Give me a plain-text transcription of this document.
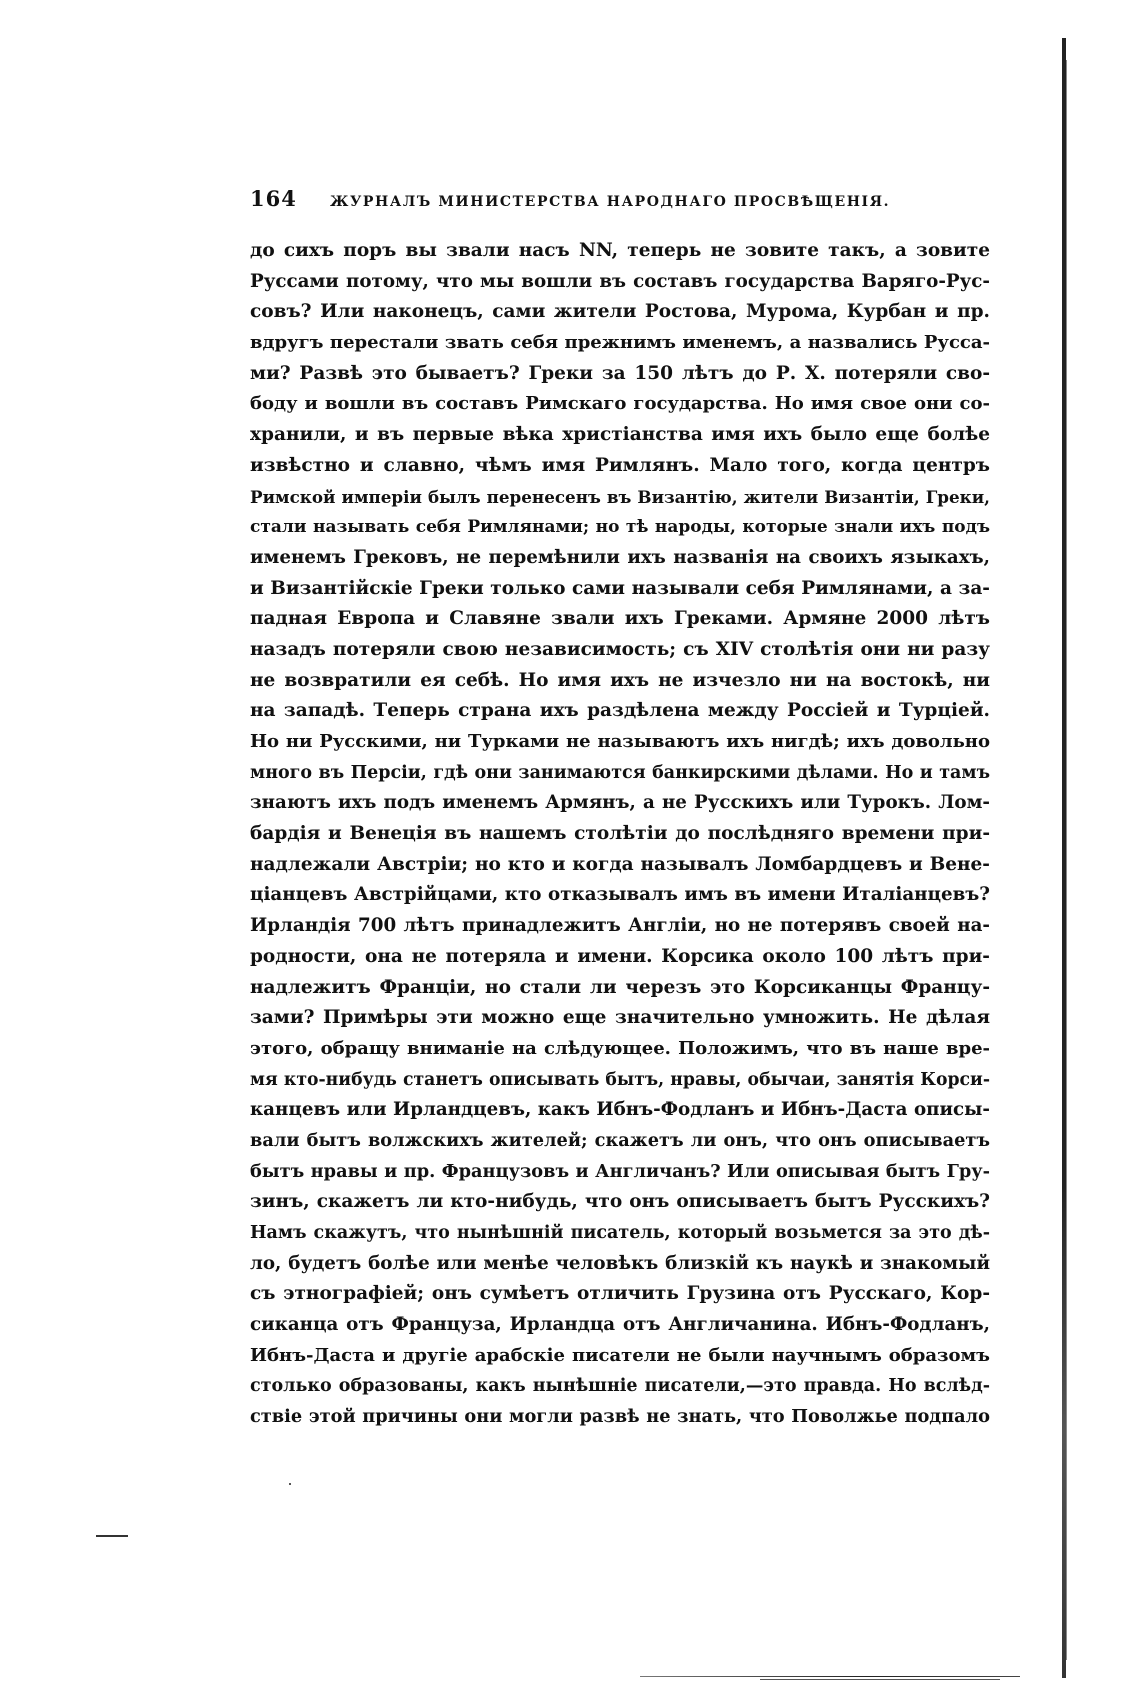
164	ЖУРНАЛЪ МИНИСТЕРСТВА НАРОДНАГО ПРОСВѢЩЕНІЯ.
до сихъ поръ вы звали насъ NN, теперь не зовите такъ, а зовите
Руссами потому, что мы вошли въ составъ государства Варяго-Рус-
совъ? Или наконецъ, сами жители Ростова, Мурома, Курбан и пр.
вдругъ перестали звать себя прежнимъ именемъ, а назвались Русса-
ми? Развѣ это бываетъ? Греки за 150 лѣтъ до Р. Х. потеряли сво-
боду и вошли въ составъ Римскаго государства. Но имя свое они со-
хранили, и въ первые вѣка христіанства имя ихъ было еще болѣе
извѣстно и славно, чѣмъ имя Римлянъ. Мало того, когда центръ
Римской имперіи былъ перенесенъ въ Византію, жители Византіи, Греки,
стали называть себя Римлянами; но тѣ народы, которые знали ихъ подъ
именемъ Грековъ, не перемѣнили ихъ названія на своихъ языкахъ,
и Византійскіе Греки только сами называли себя Римлянами, а за-
падная Европа и Славяне звали ихъ Греками. Армяне 2000 лѣтъ
назадъ потеряли свою независимость; съ XIV столѣтія они ни разу
не возвратили ея себѣ. Но имя ихъ не изчезло ни на востокѣ, ни
на западѣ. Теперь страна ихъ раздѣлена между Россіей и Турціей.
Но ни Русскими, ни Турками не называютъ ихъ нигдѣ; ихъ довольно
много въ Персіи, гдѣ они занимаются банкирскими дѣлами. Но и тамъ
знаютъ ихъ подъ именемъ Армянъ, а не Русскихъ или Турокъ. Лом-
бардія и Венеція въ нашемъ столѣтіи до послѣдняго времени при-
надлежали Австріи; но кто и когда называлъ Ломбардцевъ и Вене-
ціанцевъ Австрійцами, кто отказывалъ имъ въ имени Италіанцевъ?
Ирландія 700 лѣтъ принадлежитъ Англіи, но не потерявъ своей на-
родности, она не потеряла и имени. Корсика около 100 лѣтъ при-
надлежитъ Франціи, но стали ли черезъ это Корсиканцы Францу-
зами? Примѣры эти можно еще значительно умножить. Не дѣлая
этого, обращу вниманіе на слѣдующее. Положимъ, что въ наше вре-
мя кто-нибудь станетъ описывать бытъ, нравы, обычаи, занятія Корси-
канцевъ или Ирландцевъ, какъ Ибнъ-Фодланъ и Ибнъ-Даста описы-
вали бытъ волжскихъ жителей; скажетъ ли онъ, что онъ описываетъ
бытъ нравы и пр. Французовъ и Англичанъ? Или описывая бытъ Гру-
зинъ, скажетъ ли кто-нибудь, что онъ описываетъ бытъ Русскихъ?
Намъ скажутъ, что нынѣшній писатель, который возьмется за это дѣ-
ло, будетъ болѣе или менѣе человѣкъ близкій къ наукѣ и знакомый
съ этнографіей; онъ сумѣетъ отличить Грузина отъ Русскаго, Кор-
сиканца отъ Француза, Ирландца отъ Англичанина. Ибнъ-Фодланъ,
Ибнъ-Даста и другіе арабскіе писатели не были научнымъ образомъ
столько образованы, какъ нынѣшніе писатели,—это правда. Но вслѣд-
ствіе этой причины они могли развѣ не знать, что Поволжье подпало
